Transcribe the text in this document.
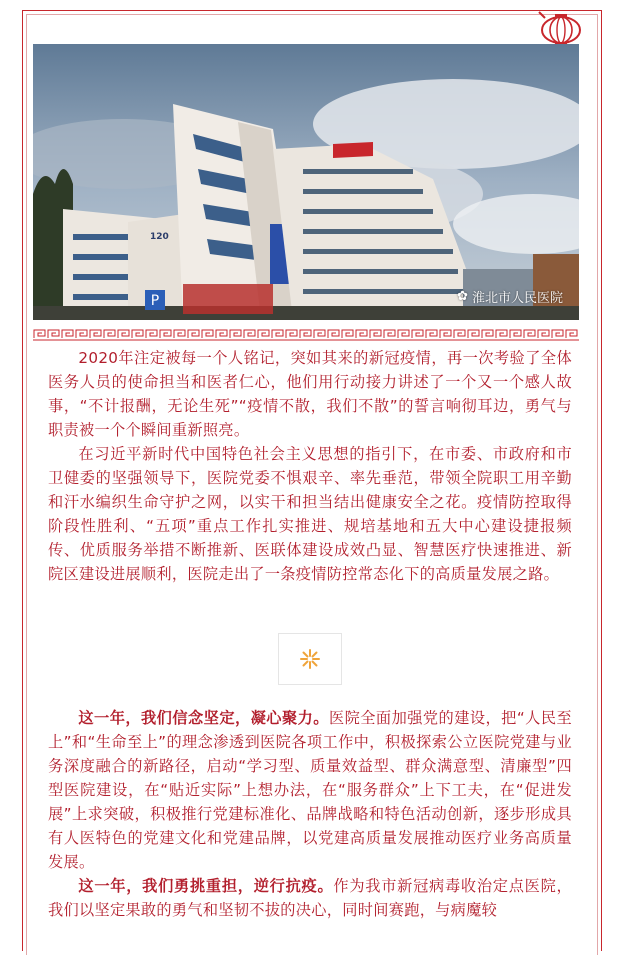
P
120
✿ 淮北市人民医院

2020年注定被每一个人铭记，突如其来的新冠疫情，再一次考验了全体医务人员的使命担当和医者仁心，他们用行动接力讲述了一个又一个感人故事，“不计报酬，无论生死”“疫情不散，我们不散”的誓言响彻耳边，勇气与职责被一个个瞬间重新照亮。

在习近平新时代中国特色社会主义思想的指引下，在市委、市政府和市卫健委的坚强领导下，医院党委不惧艰辛、率先垂范，带领全院职工用辛勤和汗水编织生命守护之网，以实干和担当结出健康安全之花。疫情防控取得阶段性胜利、“五项”重点工作扎实推进、规培基地和五大中心建设捷报频传、优质服务举措不断推新、医联体建设成效凸显、智慧医疗快速推进、新院区建设进展顺利，医院走出了一条疫情防控常态化下的高质量发展之路。

这一年，我们信念坚定，凝心聚力。医院全面加强党的建设，把“人民至上”和“生命至上”的理念渗透到医院各项工作中，积极探索公立医院党建与业务深度融合的新路径，启动“学习型、质量效益型、群众满意型、清廉型”四型医院建设，在“贴近实际”上想办法，在“服务群众”上下工夫，在“促进发展”上求突破，积极推行党建标准化、品牌战略和特色活动创新，逐步形成具有人医特色的党建文化和党建品牌，以党建高质量发展推动医疗业务高质量发展。

这一年，我们勇挑重担，逆行抗疫。作为我市新冠病毒收治定点医院，我们以坚定果敢的勇气和坚韧不拔的决心，同时间赛跑，与病魔较
